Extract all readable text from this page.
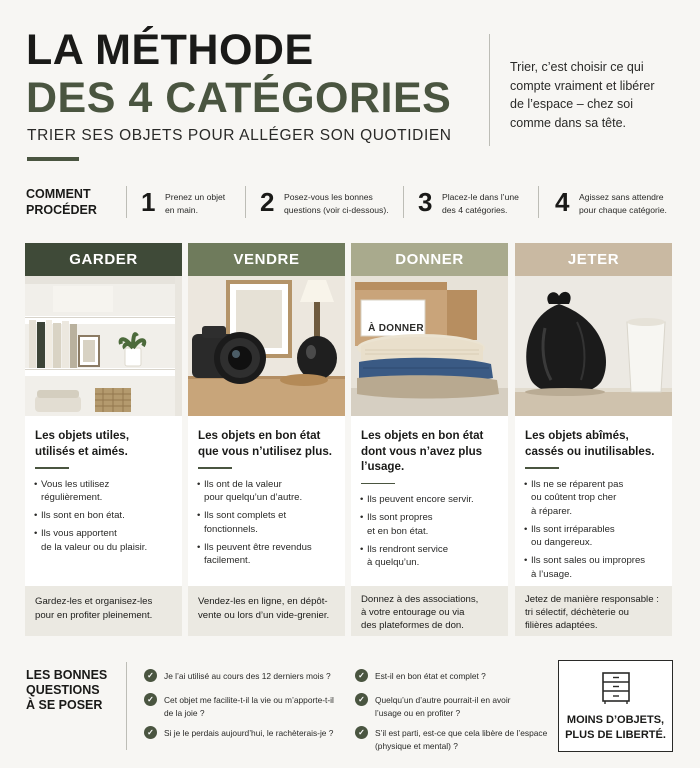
LA MÉTHODE
DES 4 CATÉGORIES
TRIER SES OBJETS POUR ALLÉGER SON QUOTIDIEN
Trier, c’est choisir ce qui
compte vraiment et libérer
de l’espace – chez soi
comme dans sa tête.
COMMENT
PROCÉDER 1 Prenez un objet
en main.	2 Posez-vous les bonnes
questions (voir ci-dessous). 3 Placez-le dans l’une
des 4 catégories.	4 Agissez sans attendre
pour chaque catégorie.
GARDER
Les objets utiles,
utilisés et aimés.
• Vous les utilisez
régulièrement.
• Ils sont en bon état.
• Ils vous apportent
de la valeur ou du plaisir.
Gardez-les et organisez-les
pour en profiter pleinement.
VENDRE
Les objets en bon état
que vous n’utilisez plus.
• Ils ont de la valeur
pour quelqu’un d’autre.
• Ils sont complets et
fonctionnels.
• Ils peuvent être revendus
facilement.
Vendez-les en ligne, en dépôt-
vente ou lors d’un vide-grenier.
DONNER
À DONNER
Les objets en bon état
dont vous n’avez plus
l’usage.
• Ils peuvent encore servir.
• Ils sont propres
et en bon état.
• Ils rendront service
à quelqu’un.
Donnez à des associations,
à votre entourage ou via
des plateformes de don.
JETER
Les objets abîmés,
cassés ou inutilisables.
• Ils ne se réparent pas
ou coûtent trop cher
à réparer.
• Ils sont irréparables
ou dangereux.
• Ils sont sales ou impropres
à l’usage.
Jetez de manière responsable :
tri sélectif, déchèterie ou
filières adaptées.
LES BONNES
QUESTIONS
À SE POSER
✓	Je l’ai utilisé au cours des 12 derniers mois ?
✓	Cet objet me facilite-t-il la vie ou m’apporte-t-il
de la joie ?
✓	Si je le perdais aujourd’hui, le rachèterais-je ?
✓	Est-il en bon état et complet ?
✓	Quelqu’un d’autre pourrait-il en avoir
l’usage ou en profiter ?
✓	S’il est parti, est-ce que cela libère de l’espace
(physique et mental) ?
MOINS D’OBJETS,
PLUS DE LIBERTÉ.
